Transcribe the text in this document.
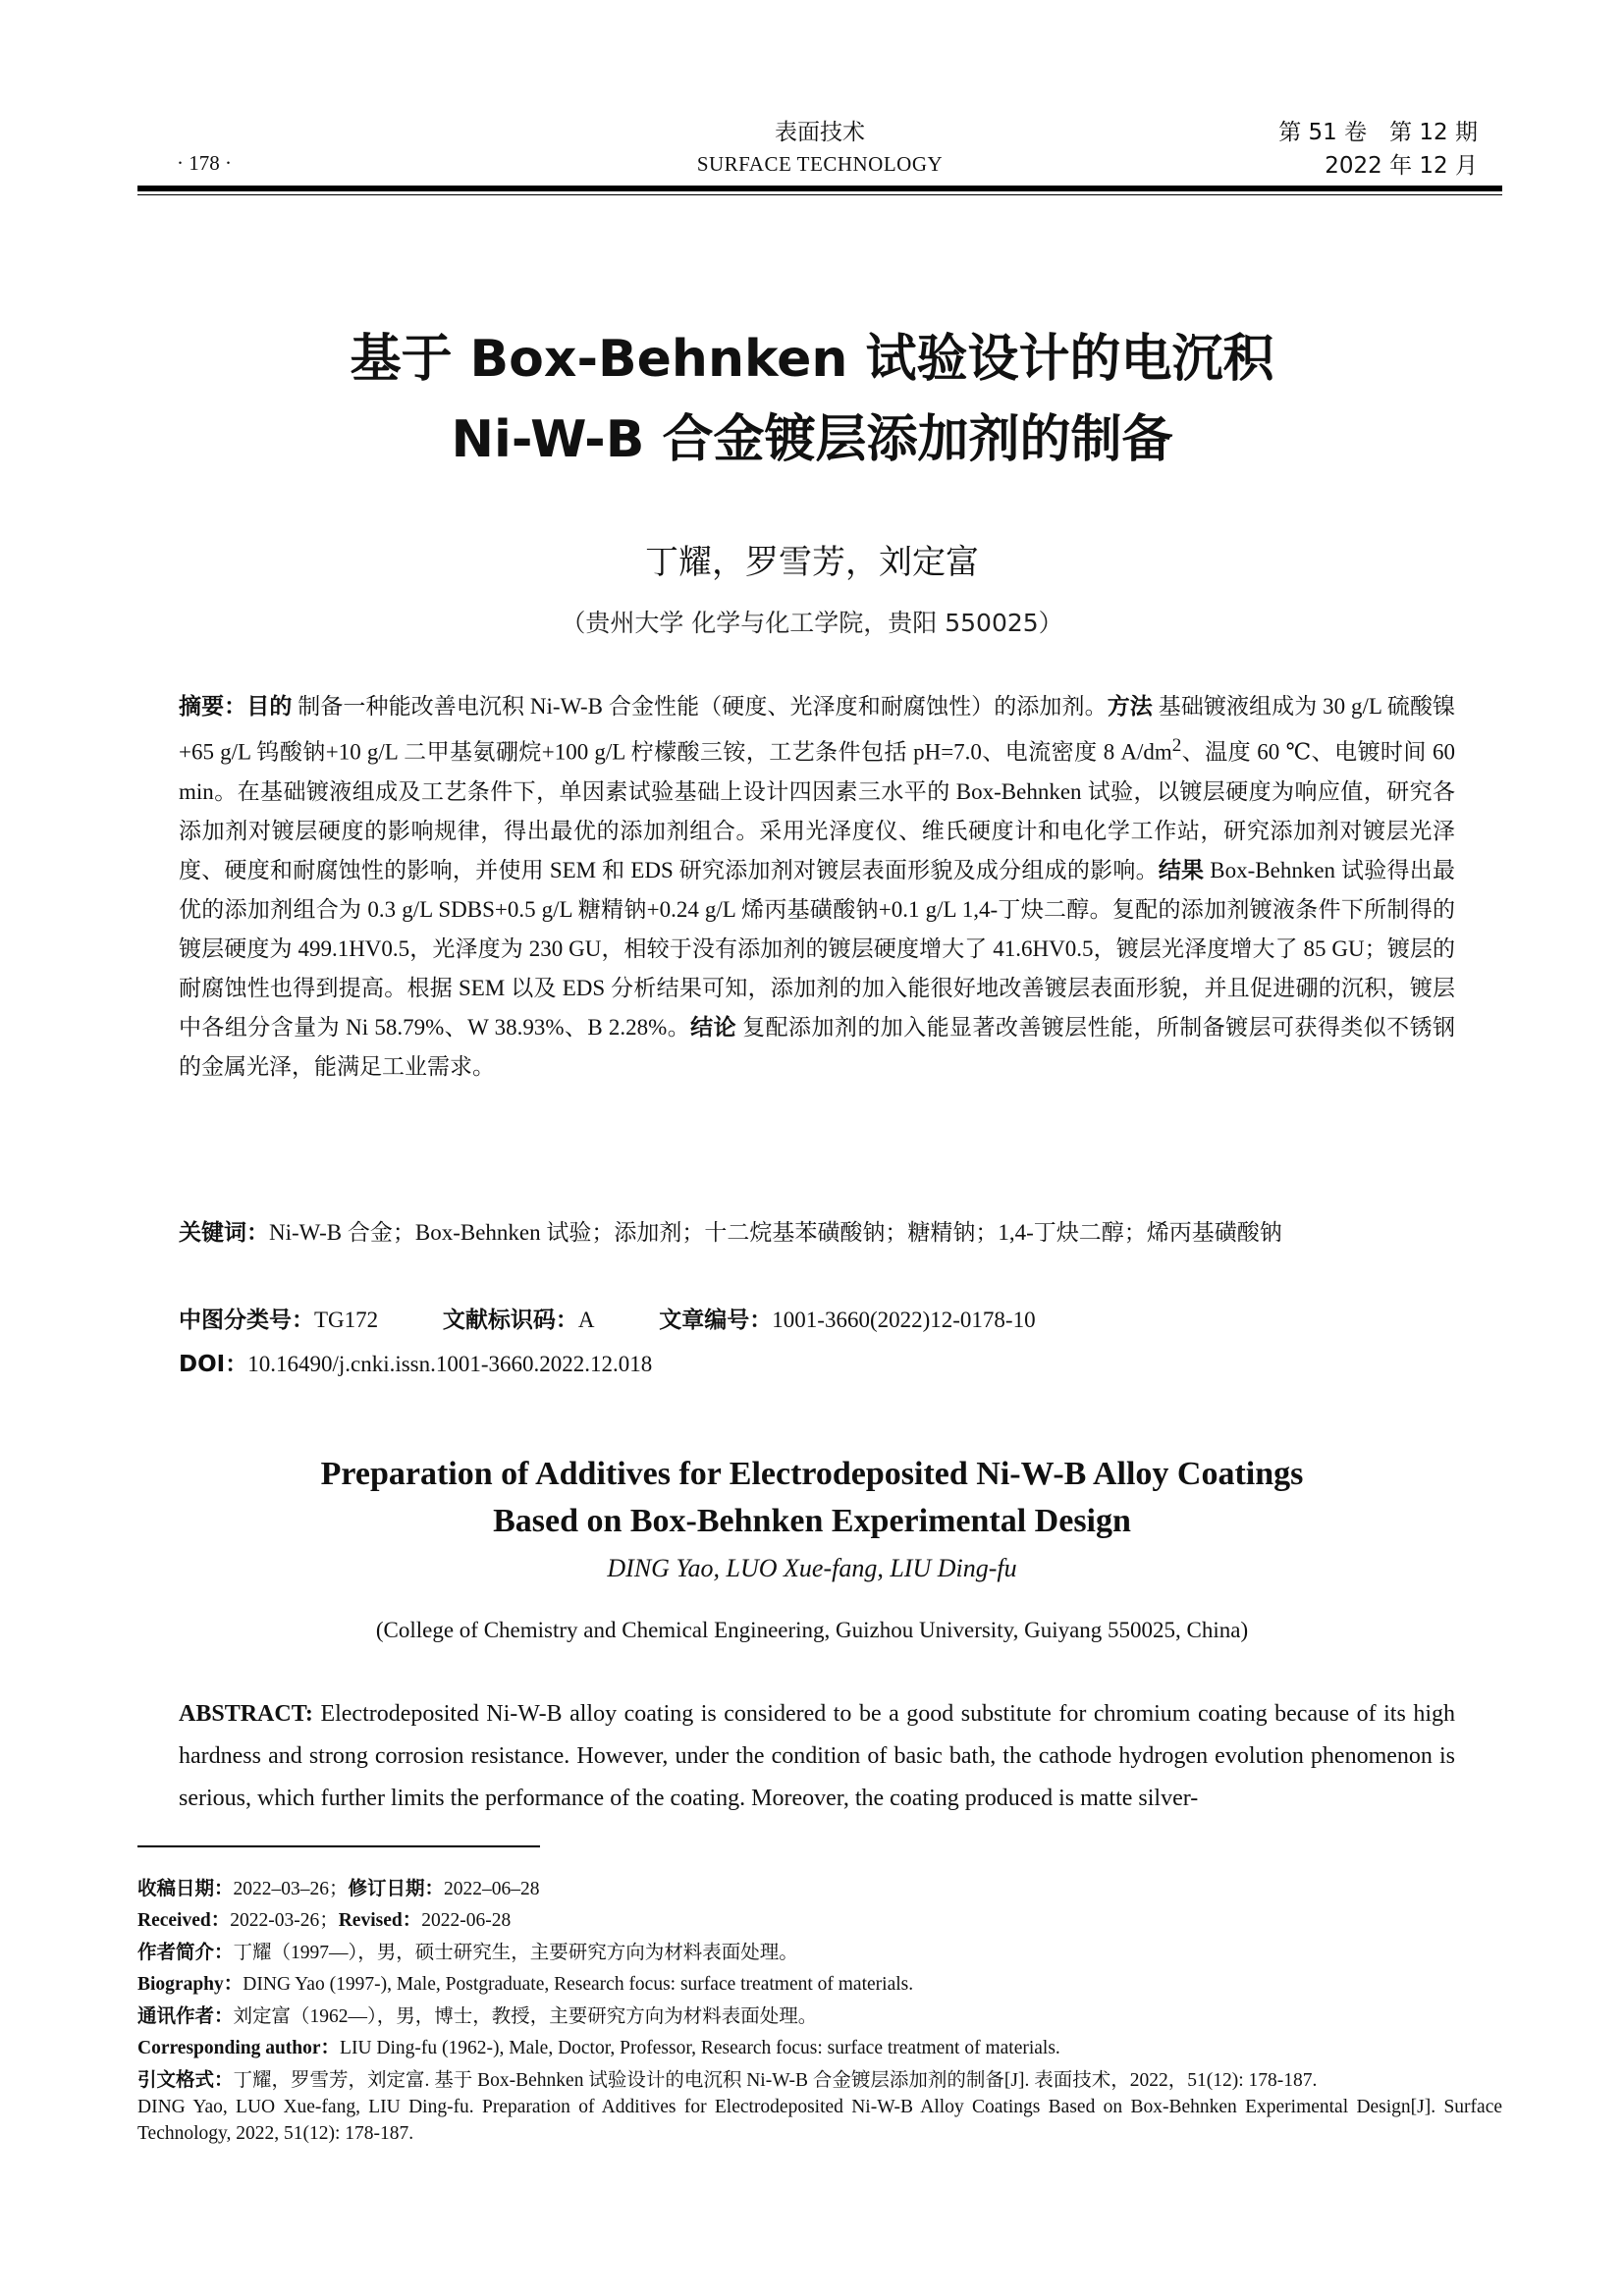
· 178 ·
表面技术
SURFACE TECHNOLOGY
第 51 卷　第 12 期
2022 年 12 月
基于 Box-Behnken 试验设计的电沉积
Ni-W-B 合金镀层添加剂的制备
丁耀，罗雪芳，刘定富
（贵州大学 化学与化工学院，贵阳 550025）
摘要：目的 制备一种能改善电沉积 Ni-W-B 合金性能（硬度、光泽度和耐腐蚀性）的添加剂。方法 基础镀液组成为 30 g/L 硫酸镍+65 g/L 钨酸钠+10 g/L 二甲基氨硼烷+100 g/L 柠檬酸三铵，工艺条件包括 pH=7.0、电流密度 8 $A/dm^2$、温度 60 ℃、电镀时间 60 min。在基础镀液组成及工艺条件下，单因素试验基础上设计四因素三水平的 Box-Behnken 试验，以镀层硬度为响应值，研究各添加剂对镀层硬度的影响规律，得出最优的添加剂组合。采用光泽度仪、维氏硬度计和电化学工作站，研究添加剂对镀层光泽度、硬度和耐腐蚀性的影响，并使用 SEM 和 EDS 研究添加剂对镀层表面形貌及成分组成的影响。结果 Box-Behnken 试验得出最优的添加剂组合为 0.3 g/L SDBS+0.5 g/L 糖精钠+0.24 g/L 烯丙基磺酸钠+0.1 g/L 1,4-丁炔二醇。复配的添加剂镀液条件下所制得的镀层硬度为 499.1HV0.5，光泽度为 230 GU，相较于没有添加剂的镀层硬度增大了 41.6HV0.5，镀层光泽度增大了 85 GU；镀层的耐腐蚀性也得到提高。根据 SEM 以及 EDS 分析结果可知，添加剂的加入能很好地改善镀层表面形貌，并且促进硼的沉积，镀层中各组分含量为 Ni 58.79%、W 38.93%、B 2.28%。结论 复配添加剂的加入能显著改善镀层性能，所制备镀层可获得类似不锈钢的金属光泽，能满足工业需求。
关键词：Ni-W-B 合金；Box-Behnken 试验；添加剂；十二烷基苯磺酸钠；糖精钠；1,4-丁炔二醇；烯丙基磺酸钠
中图分类号：TG172	文献标识码：A	文章编号：1001-3660(2022)12-0178-10
DOI：10.16490/j.cnki.issn.1001-3660.2022.12.018
Preparation of Additives for Electrodeposited Ni-W-B Alloy Coatings
Based on Box-Behnken Experimental Design
DING Yao, LUO Xue-fang, LIU Ding-fu
(College of Chemistry and Chemical Engineering, Guizhou University, Guiyang 550025, China)
ABSTRACT: Electrodeposited Ni-W-B alloy coating is considered to be a good substitute for chromium coating because of its high hardness and strong corrosion resistance. However, under the condition of basic bath, the cathode hydrogen evolution phenomenon is serious, which further limits the performance of the coating. Moreover, the coating produced is matte silver-

收稿日期：2022–03–26；修订日期：2022–06–28

Received：2022-03-26；Revised：2022-06-28

作者简介：丁耀（1997—），男，硕士研究生，主要研究方向为材料表面处理。

Biography：DING Yao (1997-), Male, Postgraduate, Research focus: surface treatment of materials.

通讯作者：刘定富（1962—），男，博士，教授，主要研究方向为材料表面处理。

Corresponding author：LIU Ding-fu (1962-), Male, Doctor, Professor, Research focus: surface treatment of materials.

引文格式：丁耀，罗雪芳，刘定富. 基于 Box-Behnken 试验设计的电沉积 Ni-W-B 合金镀层添加剂的制备[J]. 表面技术，2022，51(12): 178-187.

DING Yao, LUO Xue-fang, LIU Ding-fu. Preparation of Additives for Electrodeposited Ni-W-B Alloy Coatings Based on Box-Behnken Experimental Design[J]. Surface Technology, 2022, 51(12): 178-187.
